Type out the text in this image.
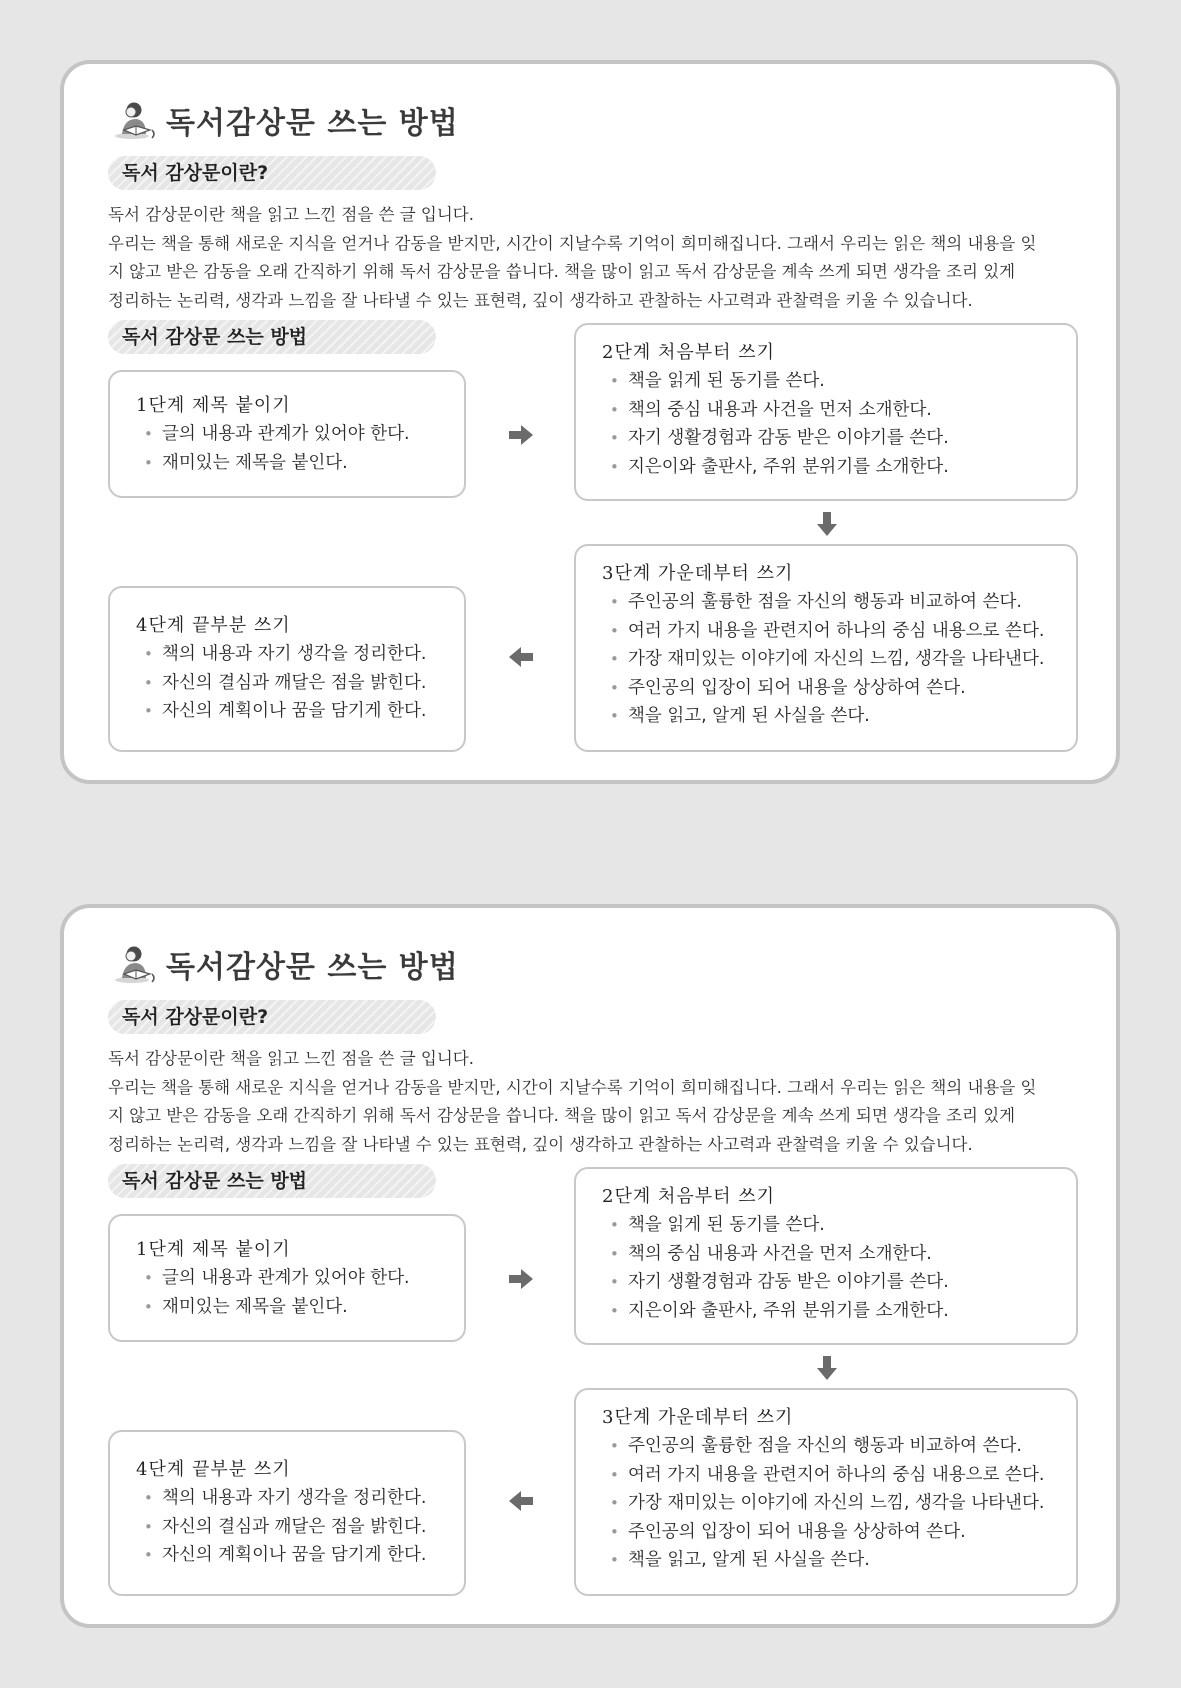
독서감상문 쓰는 방법
독서 감상문이란?

독서 감상문이란 책을 읽고 느낀 점을 쓴 글 입니다.

우리는 책을 통해 새로운 지식을 얻거나 감동을 받지만, 시간이 지날수록 기억이 희미해집니다. 그래서 우리는 읽은 책의 내용을 잊

지 않고 받은 감동을 오래 간직하기 위해 독서 감상문을 씁니다. 책을 많이 읽고 독서 감상문을 계속 쓰게 되면 생각을 조리 있게

정리하는 논리력, 생각과 느낌을 잘 나타낼 수 있는 표현력, 깊이 생각하고 관찰하는 사고력과 관찰력을 키울 수 있습니다.

독서 감상문 쓰는 방법
1단계 제목 붙이기
• 글의 내용과 관계가 있어야 한다.
• 재미있는 제목을 붙인다.
2단계 처음부터 쓰기
• 책을 읽게 된 동기를 쓴다.
• 책의 중심 내용과 사건을 먼저 소개한다.
• 자기 생활경험과 감동 받은 이야기를 쓴다.
• 지은이와 출판사, 주위 분위기를 소개한다.
3단계 가운데부터 쓰기
• 주인공의 훌륭한 점을 자신의 행동과 비교하여 쓴다.
• 여러 가지 내용을 관련지어 하나의 중심 내용으로 쓴다.
• 가장 재미있는 이야기에 자신의 느낌, 생각을 나타낸다.
• 주인공의 입장이 되어 내용을 상상하여 쓴다.
• 책을 읽고, 알게 된 사실을 쓴다.
4단계 끝부분 쓰기
• 책의 내용과 자기 생각을 정리한다.
• 자신의 결심과 깨달은 점을 밝힌다.
• 자신의 계획이나 꿈을 담기게 한다.
독서감상문 쓰는 방법
독서 감상문이란?

독서 감상문이란 책을 읽고 느낀 점을 쓴 글 입니다.

우리는 책을 통해 새로운 지식을 얻거나 감동을 받지만, 시간이 지날수록 기억이 희미해집니다. 그래서 우리는 읽은 책의 내용을 잊

지 않고 받은 감동을 오래 간직하기 위해 독서 감상문을 씁니다. 책을 많이 읽고 독서 감상문을 계속 쓰게 되면 생각을 조리 있게

정리하는 논리력, 생각과 느낌을 잘 나타낼 수 있는 표현력, 깊이 생각하고 관찰하는 사고력과 관찰력을 키울 수 있습니다.

독서 감상문 쓰는 방법
1단계 제목 붙이기
• 글의 내용과 관계가 있어야 한다.
• 재미있는 제목을 붙인다.
2단계 처음부터 쓰기
• 책을 읽게 된 동기를 쓴다.
• 책의 중심 내용과 사건을 먼저 소개한다.
• 자기 생활경험과 감동 받은 이야기를 쓴다.
• 지은이와 출판사, 주위 분위기를 소개한다.
3단계 가운데부터 쓰기
• 주인공의 훌륭한 점을 자신의 행동과 비교하여 쓴다.
• 여러 가지 내용을 관련지어 하나의 중심 내용으로 쓴다.
• 가장 재미있는 이야기에 자신의 느낌, 생각을 나타낸다.
• 주인공의 입장이 되어 내용을 상상하여 쓴다.
• 책을 읽고, 알게 된 사실을 쓴다.
4단계 끝부분 쓰기
• 책의 내용과 자기 생각을 정리한다.
• 자신의 결심과 깨달은 점을 밝힌다.
• 자신의 계획이나 꿈을 담기게 한다.
